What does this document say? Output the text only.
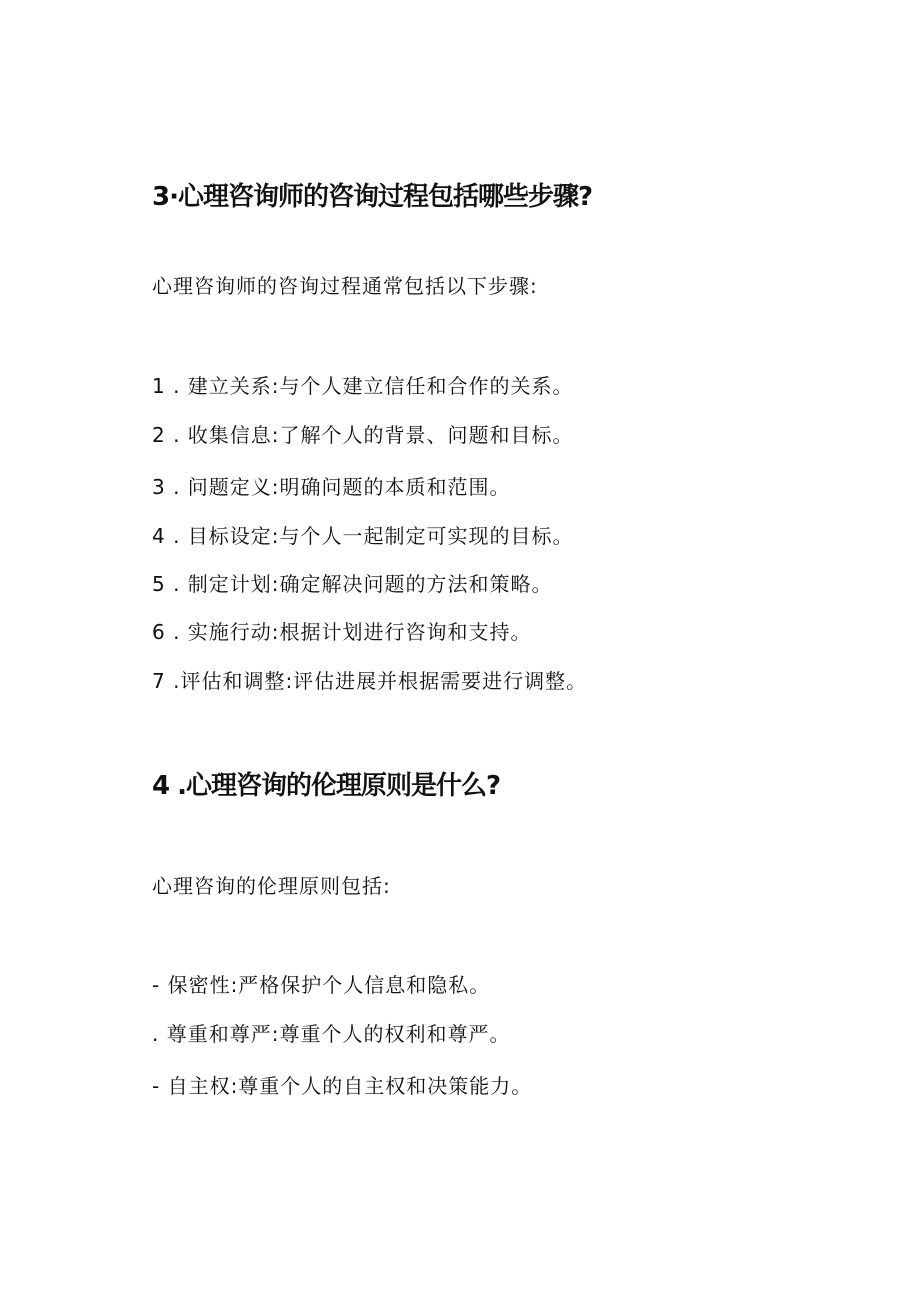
3·心理咨询师的咨询过程包括哪些步骤?
心理咨询师的咨询过程通常包括以下步骤:
1 . 建立关系:与个人建立信任和合作的关系。
2 . 收集信息:了解个人的背景、问题和目标。
3 . 问题定义:明确问题的本质和范围。
4 . 目标设定:与个人一起制定可实现的目标。
5 . 制定计划:确定解决问题的方法和策略。
6 . 实施行动:根据计划进行咨询和支持。
7 .评估和调整:评估进展并根据需要进行调整。
4 .心理咨询的伦理原则是什么?
心理咨询的伦理原则包括:
- 保密性:严格保护个人信息和隐私。
. 尊重和尊严:尊重个人的权利和尊严。
- 自主权:尊重个人的自主权和决策能力。
